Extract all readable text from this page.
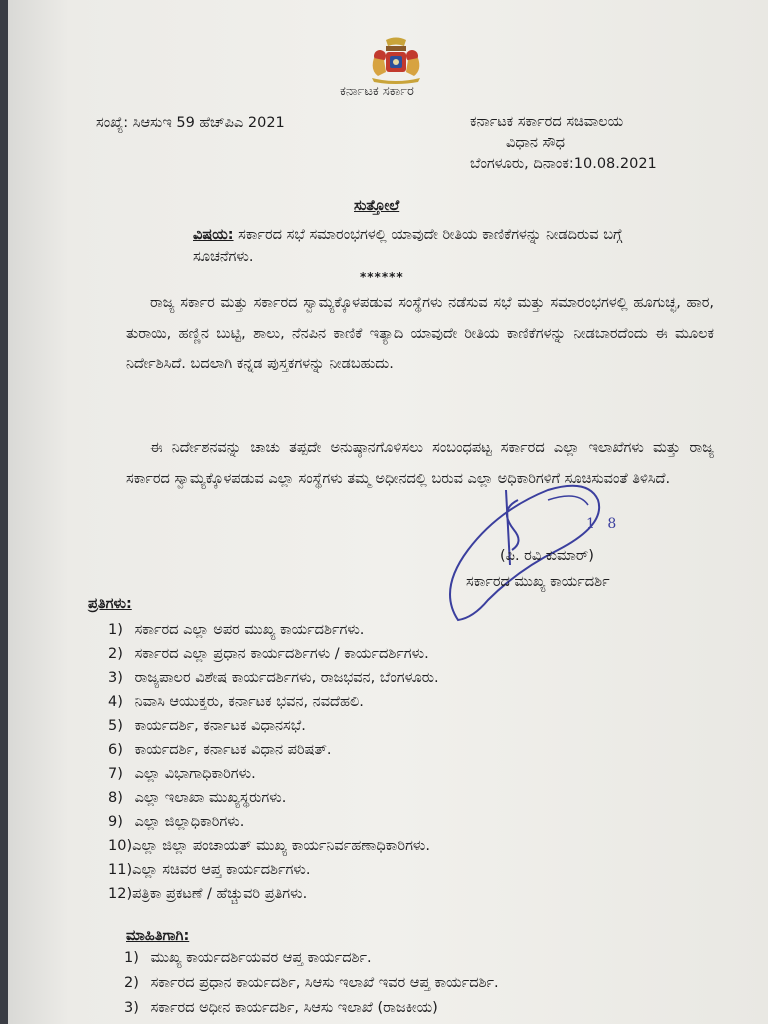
ಕರ್ನಾಟಕ ಸರ್ಕಾರ
ಸಂಖ್ಯೆ: ಸಿಆಸುಇ 59 ಹೆಚ್‌ಪಿಎ 2021	ಕರ್ನಾಟಕ ಸರ್ಕಾರದ ಸಚಿವಾಲಯ
ವಿಧಾನ ಸೌಧ
ಬೆಂಗಳೂರು, ದಿನಾಂಕ:10.08.2021
ಸುತ್ತೋಲೆ
ವಿಷಯ: ಸರ್ಕಾರದ ಸಭೆ ಸಮಾರಂಭಗಳಲ್ಲಿ ಯಾವುದೇ ರೀತಿಯ ಕಾಣಿಕೆಗಳನ್ನು ನೀಡದಿರುವ ಬಗ್ಗೆ ಸೂಚನೆಗಳು.
******
ರಾಜ್ಯ ಸರ್ಕಾರ ಮತ್ತು ಸರ್ಕಾರದ ಸ್ವಾಮ್ಯಕ್ಕೊಳಪಡುವ ಸಂಸ್ಥೆಗಳು ನಡೆಸುವ ಸಭೆ ಮತ್ತು ಸಮಾರಂಭಗಳಲ್ಲಿ ಹೂಗುಚ್ಛ, ಹಾರ, ತುರಾಯಿ, ಹಣ್ಣಿನ ಬುಟ್ಟಿ, ಶಾಲು, ನೆನಪಿನ ಕಾಣಿಕೆ ಇತ್ಯಾದಿ ಯಾವುದೇ ರೀತಿಯ ಕಾಣಿಕೆಗಳನ್ನು ನೀಡಬಾರದೆಂದು ಈ ಮೂಲಕ ನಿರ್ದೇಶಿಸಿದೆ. ಬದಲಾಗಿ ಕನ್ನಡ ಪುಸ್ತಕಗಳನ್ನು ನೀಡಬಹುದು.
ಈ ನಿರ್ದೇಶನವನ್ನು ಚಾಚು ತಪ್ಪದೇ ಅನುಷ್ಠಾನಗೊಳಿಸಲು ಸಂಬಂಧಪಟ್ಟ ಸರ್ಕಾರದ ಎಲ್ಲಾ ಇಲಾಖೆಗಳು ಮತ್ತು ರಾಜ್ಯ ಸರ್ಕಾರದ ಸ್ವಾಮ್ಯಕ್ಕೊಳಪಡುವ ಎಲ್ಲಾ ಸಂಸ್ಥೆಗಳು ತಮ್ಮ ಅಧೀನದಲ್ಲಿ ಬರುವ ಎಲ್ಲಾ ಅಧಿಕಾರಿಗಳಿಗೆ ಸೂಚಿಸುವಂತೆ ತಿಳಿಸಿದೆ.
1 8
(ಪಿ. ರವಿ ಕುಮಾರ್)
ಸರ್ಕಾರದ ಮುಖ್ಯ ಕಾರ್ಯದರ್ಶಿ
ಪ್ರತಿಗಳು:
1) ಸರ್ಕಾರದ ಎಲ್ಲಾ ಅಪರ ಮುಖ್ಯ ಕಾರ್ಯದರ್ಶಿಗಳು.
2) ಸರ್ಕಾರದ ಎಲ್ಲಾ ಪ್ರಧಾನ ಕಾರ್ಯದರ್ಶಿಗಳು / ಕಾರ್ಯದರ್ಶಿಗಳು.
3) ರಾಜ್ಯಪಾಲರ ವಿಶೇಷ ಕಾರ್ಯದರ್ಶಿಗಳು, ರಾಜಭವನ, ಬೆಂಗಳೂರು.
4) ನಿವಾಸಿ ಆಯುಕ್ತರು, ಕರ್ನಾಟಕ ಭವನ, ನವದೆಹಲಿ.
5) ಕಾರ್ಯದರ್ಶಿ, ಕರ್ನಾಟಕ ವಿಧಾನಸಭೆ.
6) ಕಾರ್ಯದರ್ಶಿ, ಕರ್ನಾಟಕ ವಿಧಾನ ಪರಿಷತ್.
7) ಎಲ್ಲಾ ವಿಭಾಗಾಧಿಕಾರಿಗಳು.
8) ಎಲ್ಲಾ ಇಲಾಖಾ ಮುಖ್ಯಸ್ಥರುಗಳು.
9) ಎಲ್ಲಾ ಜಿಲ್ಲಾಧಿಕಾರಿಗಳು.
10)ಎಲ್ಲಾ ಜಿಲ್ಲಾ ಪಂಚಾಯತ್ ಮುಖ್ಯ ಕಾರ್ಯನಿರ್ವಹಣಾಧಿಕಾರಿಗಳು.
11)ಎಲ್ಲಾ ಸಚಿವರ ಆಪ್ತ ಕಾರ್ಯದರ್ಶಿಗಳು.
12)ಪತ್ರಿಕಾ ಪ್ರಕಟಣೆ / ಹೆಚ್ಚುವರಿ ಪ್ರತಿಗಳು.
ಮಾಹಿತಿಗಾಗಿ:
1) ಮುಖ್ಯ ಕಾರ್ಯದರ್ಶಿಯವರ ಆಪ್ತ ಕಾರ್ಯದರ್ಶಿ.
2) ಸರ್ಕಾರದ ಪ್ರಧಾನ ಕಾರ್ಯದರ್ಶಿ, ಸಿಆಸು ಇಲಾಖೆ ಇವರ ಆಪ್ತ ಕಾರ್ಯದರ್ಶಿ.
3) ಸರ್ಕಾರದ ಅಧೀನ ಕಾರ್ಯದರ್ಶಿ, ಸಿಆಸು ಇಲಾಖೆ (ರಾಜಕೀಯ)
